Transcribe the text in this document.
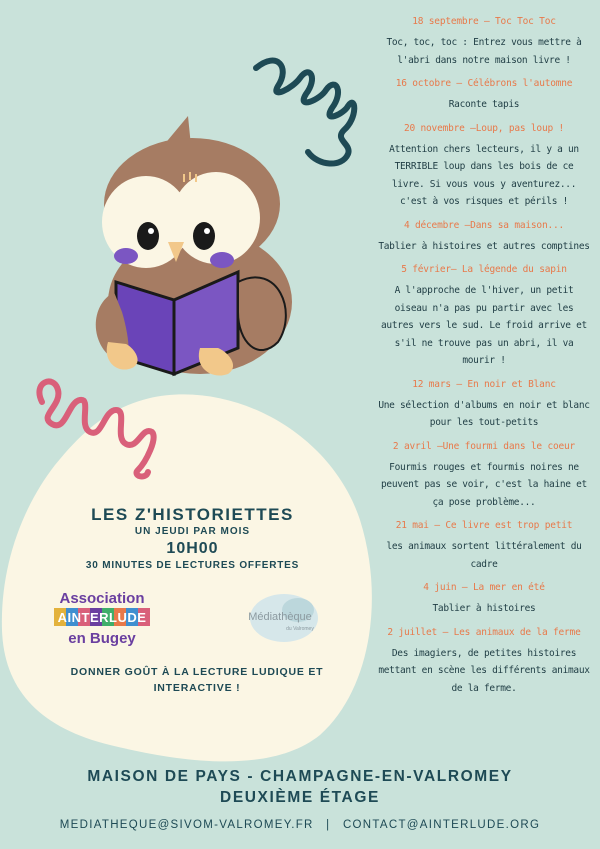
18 septembre – Toc Toc Toc
Toc, toc, toc : Entrez vous mettre à l'abri dans notre maison livre !
16 octobre – Célébrons l'automne
Raconte tapis
20 novembre –Loup, pas loup !
Attention chers lecteurs, il y a un TERRIBLE loup dans les bois de ce livre. Si vous vous y aventurez... c'est à vos risques et périls !
4 décembre –Dans sa maison...
Tablier à histoires et autres comptines
5 février– La légende du sapin
A l'approche de l'hiver, un petit oiseau n'a pas pu partir avec les autres vers le sud. Le froid arrive et s'il ne trouve pas un abri, il va mourir !
12 mars – En noir et Blanc
Une sélection d'albums en noir et blanc pour les tout-petits
2 avril –Une fourmi dans le coeur
Fourmis rouges et fourmis noires ne peuvent pas se voir, c'est la haine et ça pose problème...
21 mai – Ce livre est trop petit
les animaux sortent littéralement du cadre
4 juin – La mer en été
Tablier à histoires
2 juillet – Les animaux de la ferme
Des imagiers, de petites histoires mettant en scène les différents animaux de la ferme.
LES Z'HISTORIETTES
UN JEUDI PAR MOIS
10H00
30 MINUTES DE LECTURES OFFERTES
Association
AINTERLUDE
en Bugey
Médiathèque
du Valromey
DONNER GOÛT À LA LECTURE LUDIQUE ET INTERACTIVE !
MAISON DE PAYS - CHAMPAGNE-EN-VALROMEY
DEUXIÈME ÉTAGE
MEDIATHEQUE@SIVOM-VALROMEY.FR | CONTACT@AINTERLUDE.ORG
